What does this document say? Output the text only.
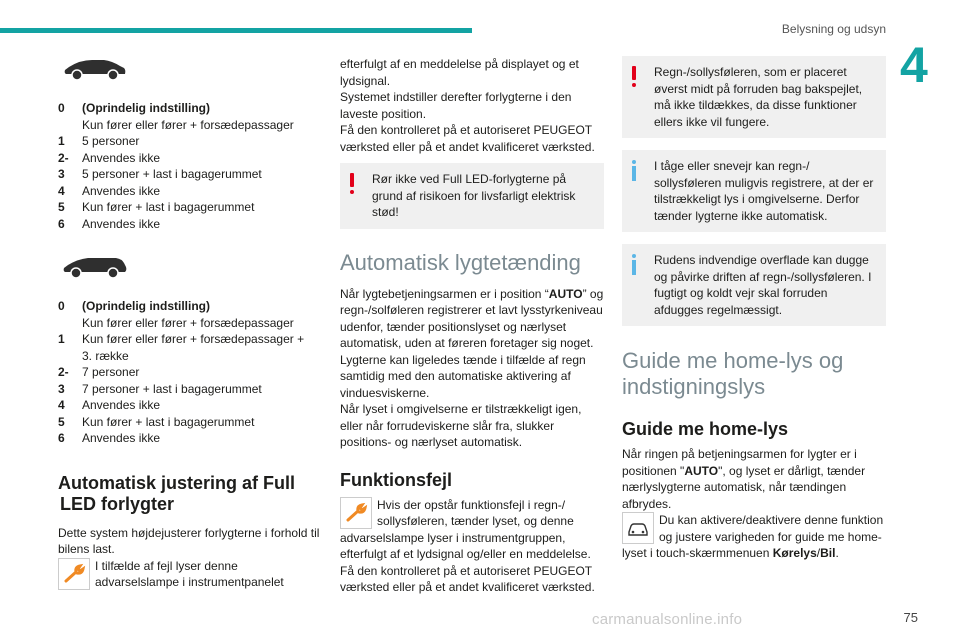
Belysning og udsyn
4
0	(Oprindelig indstilling)
Kun fører eller fører + forsædepassager
1	5 personer
2-	Anvendes ikke
3	5 personer + last i bagagerummet
4	Anvendes ikke
5	Kun fører + last i bagagerummet
6	Anvendes ikke
0	(Oprindelig indstilling)
Kun fører eller fører + forsædepassager
1	Kun fører eller fører + forsædepassager +
3. række
2-	7 personer
3	7 personer + last i bagagerummet
4	Anvendes ikke
5	Kun fører + last i bagagerummet
6	Anvendes ikke
Automatisk justering af Full
LED forlygter

Dette system højdejusterer forlygterne i forhold til bilens last.

I tilfælde af fejl lyser denne advarselslampe i instrumentpanelet

efterfulgt af en meddelelse på displayet og et lydsignal.

Systemet indstiller derefter forlygterne i den laveste position.

Få den kontrolleret på et autoriseret PEUGEOT værksted eller på et andet kvalificeret værksted.

Rør ikke ved Full LED-forlygterne på grund af risikoen for livsfarligt elektrisk stød!
Automatisk lygtetænding

Når lygtebetjeningsarmen er i position “AUTO” og regn-/solføleren registrerer et lavt lysstyrkeniveau udenfor, tænder positionslyset og nærlyset automatisk, uden at føreren foretager sig noget. Lygterne kan ligeledes tænde i tilfælde af regn samtidig med den automatiske aktivering af vinduesviskerne.

Når lyset i omgivelserne er tilstrækkeligt igen, eller når forrudeviskerne slår fra, slukker positions- og nærlyset automatisk.

Funktionsfejl
Hvis der opstår funktionsfejl i regn-/ sollysføleren, tænder lyset, og denne advarselslampe lyser i instrumentgruppen, efterfulgt af et lydsignal og/eller en meddelelse.

Få den kontrolleret på et autoriseret PEUGEOT værksted eller på et andet kvalificeret værksted.

Regn-/sollysføleren, som er placeret øverst midt på forruden bag bakspejlet, må ikke tildækkes, da disse funktioner ellers ikke vil fungere.
I tåge eller snevejr kan regn-/ sollysføleren muligvis registrere, at der er tilstrækkeligt lys i omgivelserne. Derfor tænder lygterne ikke automatisk.
Rudens indvendige overflade kan dugge og påvirke driften af regn-/sollysføleren. I fugtigt og koldt vejr skal forruden afdugges regelmæssigt.
Guide me home-lys og
indstigningslys
Guide me home-lys

Når ringen på betjeningsarmen for lygter er i positionen "AUTO", og lyset er dårligt, tænder nærlyslygterne automatisk, når tændingen afbrydes.

Du kan aktivere/deaktivere denne funktion og justere varigheden for guide me home-lyset i touch-skærmmenuen Kørelys/Bil.
carmanualsonline.info	75
